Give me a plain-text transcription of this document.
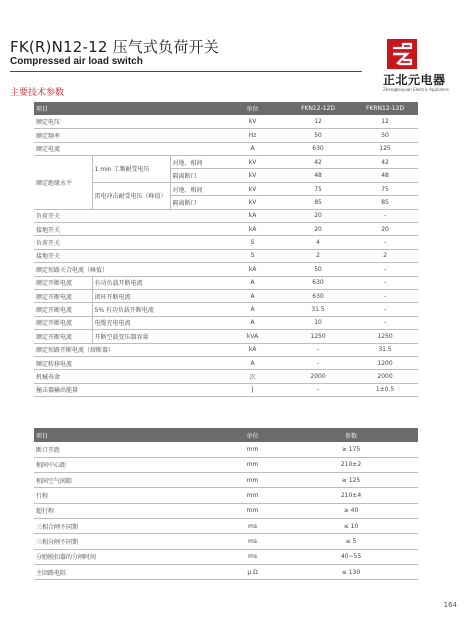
FK(R)N12-12 压气式负荷开关
Compressed air load switch
正北元电器
Zhengbeiyuan Electric Appliance
主要技术参数
项目			单位	FKN12-12D	FKRN12-12D
额定电压			kV	12	12
额定频率			Hz	50	50
额定电流			A	630	125
额定绝缘水平	1 min 工频耐受电压	对地、相间	kV	42	42
		隔离断口	kV	48	48
	雷电冲击耐受电压（峰值）	对地、相间	kV	75	75
		隔离断口	kV	85	85
负荷开关			kA	20	-
接地开关			kA	20	20
负荷开关			S	4	-
接地开关			S	2	2
额定短路关合电流（峰值）			kA	50	-
额定开断电流	有功负载开断电流		A	630	-
额定开断电流	闭环开断电流		A	630	-
额定开断电流	5% 有功负载开断电流		A	31.5	-
额定开断电流	电缆充电电流		A	10	-
额定开断电流	开断空载变压器容量		kVA	1250	1250
额定短路开断电流（熔断器）			kA	-	31.5
额定转移电流			A	-	1200
机械寿命			次	2000	2000
撞击器输出能量			J	-	1±0.5
项目	单位	参数
断口开距	mm	≥ 175
相间中心距	mm	210±2
相间空气间隙	mm	≥ 125
行程	mm	210±4
超行程	mm	≥ 40
三相合闸不同期	ms	≤ 10
三相分闸不同期	ms	≤ 5
分励脱扣器的分闸时间	ms	40~55
主回路电阻	μ Ω	≤ 130
164
